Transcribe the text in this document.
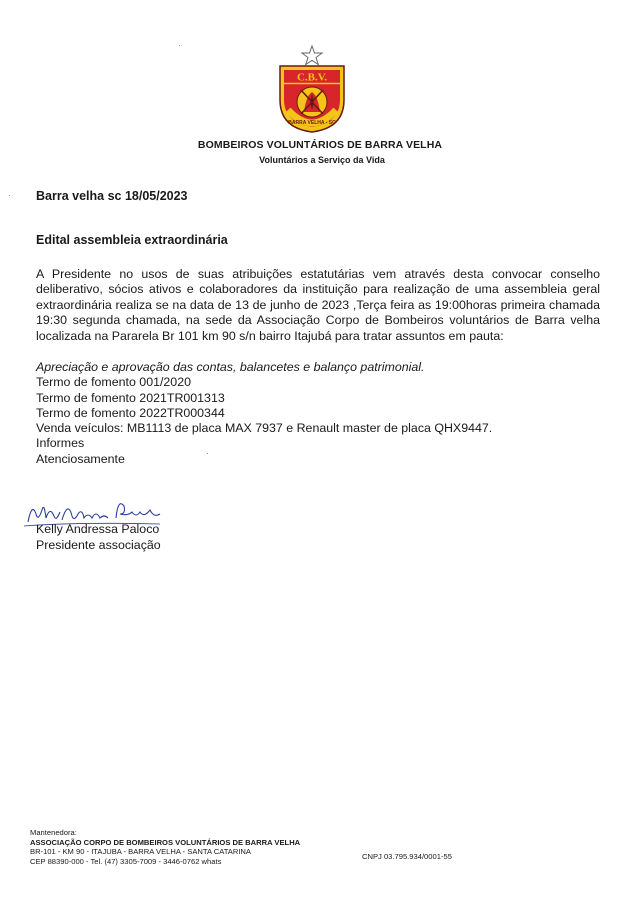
·
·
·
C.B.V.
BARRA VELHA - SC
BOMBEIROS VOLUNTÁRIOS DE BARRA VELHA
Voluntários a Serviço da Vida
Barra velha sc 18/05/2023
Edital assembleia extraordinária

A Presidente no usos de suas atribuições estatutárias vem através desta convocar conselho deliberativo, sócios ativos e colaboradores da instituição para realização de uma assembleia geral extraordinária realiza se na data de 13 de junho de 2023 ,Terça feira as 19:00horas primeira chamada 19:30 segunda chamada, na sede da Associação Corpo de Bombeiros voluntários de Barra velha localizada na Pararela Br 101 km 90 s/n bairro Itajubá para tratar assuntos em pauta:

Apreciação e aprovação das contas, balancetes e balanço patrimonial.
Termo de fomento 001/2020
Termo de fomento 2021TR001313
Termo de fomento 2022TR000344
Venda veículos: MB1113 de placa MAX 7937 e Renault master de placa QHX9447.
Informes
Atenciosamente
Kelly Andressa Paloco
Presidente associação
Mantenedora:
ASSOCIAÇÃO CORPO DE BOMBEIROS VOLUNTÁRIOS DE BARRA VELHA
BR-101 - KM 90 - ITAJUBA - BARRA VELHA - SANTA CATARINA
CEP 88390-000 - Tel. (47) 3305-7009 - 3446-0762 whats
CNPJ 03.795.934/0001-55
